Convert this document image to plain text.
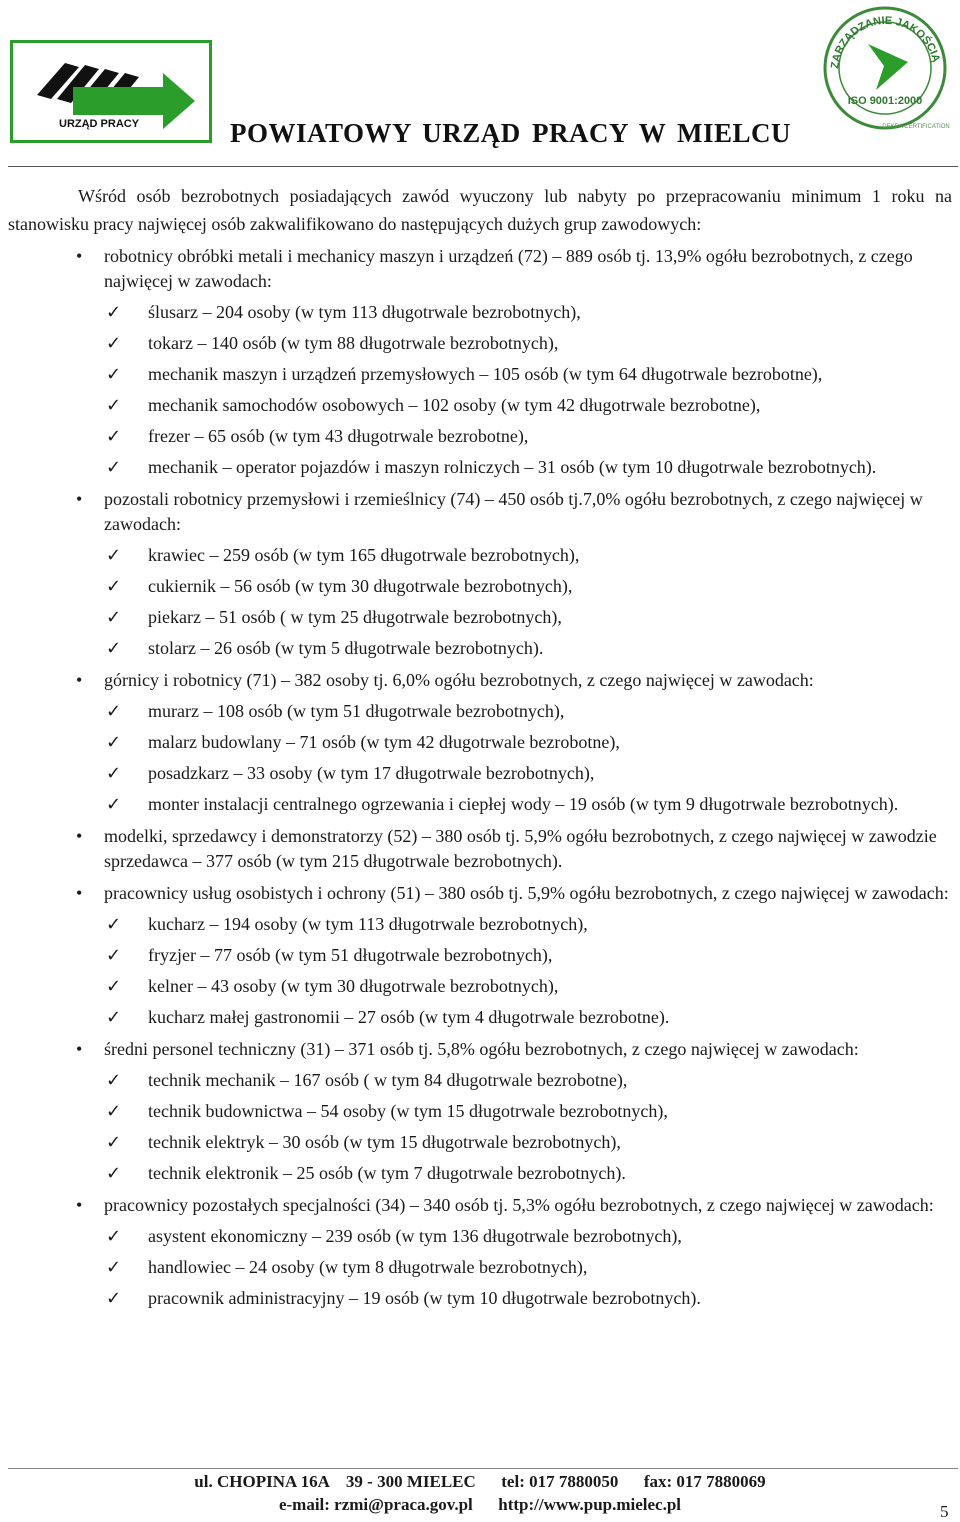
URZĄD PRACY	POWIATOWY URZĄD PRACY W MIELCU
ZARZĄDZANIE JAKOŚCIĄ
ISO 9001:2000
DEKRA CERTIFICATION

Wśród osób bezrobotnych posiadających zawód wyuczony lub nabyty po przepracowaniu minimum 1 roku na stanowisku pracy najwięcej osób zakwalifikowano do następujących dużych grup zawodowych:

• robotnicy obróbki metali i mechanicy maszyn i urządzeń (72) – 889 osób tj. 13,9% ogółu bezrobotnych, z czego najwięcej w zawodach:
✓ ślusarz – 204 osoby (w tym 113 długotrwale bezrobotnych),
✓ tokarz – 140 osób (w tym 88 długotrwale bezrobotnych),
✓ mechanik maszyn i urządzeń przemysłowych – 105 osób (w tym 64 długotrwale bezrobotne),
✓ mechanik samochodów osobowych – 102 osoby (w tym 42 długotrwale bezrobotne),
✓ frezer – 65 osób (w tym 43 długotrwale bezrobotne),
✓ mechanik – operator pojazdów i maszyn rolniczych – 31 osób (w tym 10 długotrwale bezrobotnych).
• pozostali robotnicy przemysłowi i rzemieślnicy (74) – 450 osób tj.7,0% ogółu bezrobotnych, z czego najwięcej w zawodach:
✓ krawiec – 259 osób (w tym 165 długotrwale bezrobotnych),
✓ cukiernik – 56 osób (w tym 30 długotrwale bezrobotnych),
✓ piekarz – 51 osób ( w tym 25 długotrwale bezrobotnych),
✓ stolarz – 26 osób (w tym 5 długotrwale bezrobotnych).
• górnicy i robotnicy (71) – 382 osoby tj. 6,0% ogółu bezrobotnych, z czego najwięcej w zawodach:
✓ murarz – 108 osób (w tym 51 długotrwale bezrobotnych),
✓ malarz budowlany – 71 osób (w tym 42 długotrwale bezrobotne),
✓ posadzkarz – 33 osoby (w tym 17 długotrwale bezrobotnych),
✓ monter instalacji centralnego ogrzewania i ciepłej wody – 19 osób (w tym 9 długotrwale bezrobotnych).
• modelki, sprzedawcy i demonstratorzy (52) – 380 osób tj. 5,9% ogółu bezrobotnych, z czego najwięcej w zawodzie sprzedawca – 377 osób (w tym 215 długotrwale bezrobotnych).
• pracownicy usług osobistych i ochrony (51) – 380 osób tj. 5,9% ogółu bezrobotnych, z czego najwięcej w zawodach:
✓ kucharz – 194 osoby (w tym 113 długotrwale bezrobotnych),
✓ fryzjer – 77 osób (w tym 51 długotrwale bezrobotnych),
✓ kelner – 43 osoby (w tym 30 długotrwale bezrobotnych),
✓ kucharz małej gastronomii – 27 osób (w tym 4 długotrwale bezrobotne).
• średni personel techniczny (31) – 371 osób tj. 5,8% ogółu bezrobotnych, z czego najwięcej w zawodach:
✓ technik mechanik – 167 osób ( w tym 84 długotrwale bezrobotne),
✓ technik budownictwa – 54 osoby (w tym 15 długotrwale bezrobotnych),
✓ technik elektryk – 30 osób (w tym 15 długotrwale bezrobotnych),
✓ technik elektronik – 25 osób (w tym 7 długotrwale bezrobotnych).
• pracownicy pozostałych specjalności (34) – 340 osób tj. 5,3% ogółu bezrobotnych, z czego najwięcej w zawodach:
✓ asystent ekonomiczny – 239 osób (w tym 136 długotrwale bezrobotnych),
✓ handlowiec – 24 osoby (w tym 8 długotrwale bezrobotnych),
✓ pracownik administracyjny – 19 osób (w tym 10 długotrwale bezrobotnych).
ul. CHOPINA 16A    39 - 300 MIELEC      tel: 017 7880050      fax: 017 7880069
e-mail: rzmi@praca.gov.pl      http://www.pup.mielec.pl	5
